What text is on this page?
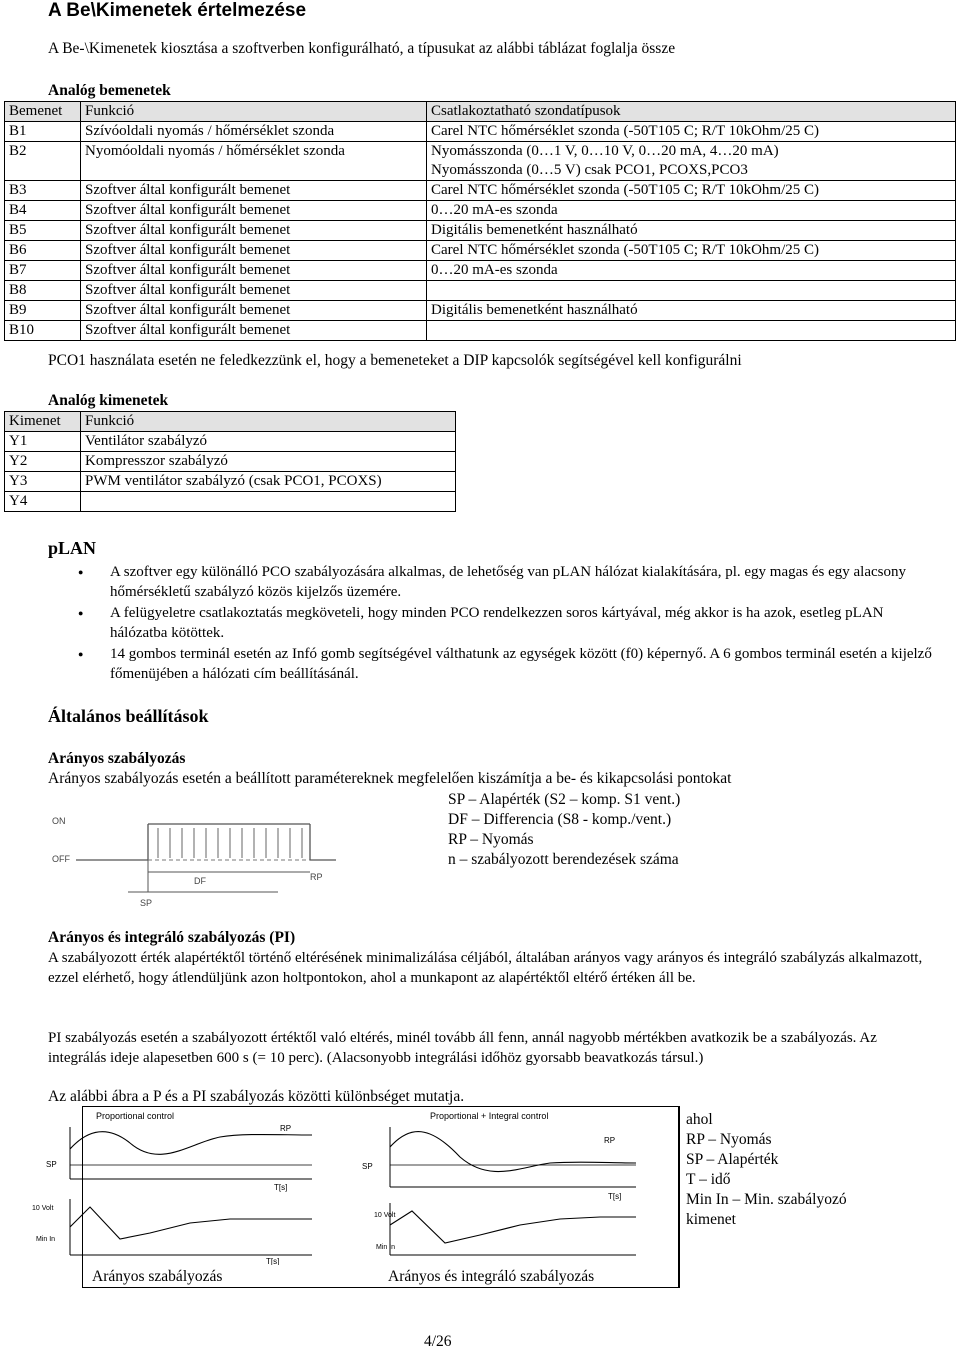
A Be\Kimenetek értelmezése
A Be-\Kimenetek kiosztása a szoftverben konfigurálható, a típusukat az alábbi táblázat foglalja össze
Analóg bemenetek
Bemenet	Funkció	Csatlakoztatható szondatípusok
B1	Szívóoldali nyomás / hőmérséklet szonda	Carel NTC hőmérséklet szonda (-50T105 C; R/T 10kOhm/25 C)
B2	Nyomóoldali nyomás / hőmérséklet szonda	Nyomásszonda (0…1 V, 0…10 V, 0…20 mA, 4…20 mA)
		Nyomásszonda (0…5 V) csak PCO1, PCOXS,PCO3
B3	Szoftver által konfigurált bemenet	Carel NTC hőmérséklet szonda (-50T105 C; R/T 10kOhm/25 C)
B4	Szoftver által konfigurált bemenet	0…20 mA-es szonda
B5	Szoftver által konfigurált bemenet	Digitális bemenetként használható
B6	Szoftver által konfigurált bemenet	Carel NTC hőmérséklet szonda (-50T105 C; R/T 10kOhm/25 C)
B7	Szoftver által konfigurált bemenet	0…20 mA-es szonda
B8	Szoftver által konfigurált bemenet	
B9	Szoftver által konfigurált bemenet	Digitális bemenetként használható
B10	Szoftver által konfigurált bemenet	
PCO1 használata esetén ne feledkezzünk el, hogy a bemeneteket a DIP kapcsolók segítségével kell konfigurálni
Analóg kimenetek
Kimenet	Funkció
Y1	Ventilátor szabályzó
Y2	Kompresszor szabályzó
Y3	PWM ventilátor szabályzó (csak PCO1, PCOXS)
Y4	
pLAN
● A szoftver egy különálló PCO szabályozására alkalmas, de lehetőség van pLAN hálózat kialakítására, pl. egy magas és egy alacsony hőmérsékletű szabályzó közös kijelzős üzemére.
● A felügyeletre csatlakoztatás megköveteli, hogy minden PCO rendelkezzen soros kártyával, még akkor is ha azok, esetleg pLAN hálózatba kötöttek.
● 14 gombos terminál esetén az Infó gomb segítségével válthatunk az egységek között (f0) képernyő. A 6 gombos terminál esetén a kijelző főmenüjében a hálózati cím beállításánál.
Általános beállítások
Arányos szabályozás
Arányos szabályozás esetén a beállított paramétereknek megfelelően kiszámítja a be- és kikapcsolási pontokat
SP – Alapérték (S2 – komp. S1 vent.)
DF – Differencia (S8 - komp./vent.)
RP – Nyomás
n – szabályozott berendezések száma
ON
OFF
DF	RP
SP
Arányos és integráló szabályozás (PI)
A szabályozott érték alapértéktől történő eltérésének minimalizálása céljából, általában arányos vagy arányos és integráló szabályzás alkalmazott, ezzel elérhető, hogy átlendüljünk azon holtpontokon, ahol a munkapont az alapértéktől eltérő értéken áll be.
PI szabályozás esetén a szabályozott értéktől való eltérés, minél tovább áll fenn, annál nagyobb mértékben avatkozik be a szabályozás. Az integrálás ideje alapesetben 600 s (= 10 perc). (Alacsonyobb integrálási időhöz gyorsabb beavatkozás társul.)
Az alábbi ábra a P és a PI szabályozás közötti különbséget mutatja.
Proportional control
SP
RP
T[s]
10 Volt
Min In
T[s]
Arányos szabályozás
Proportional + Integral control
SP
RP
T[s]
10 Volt
Min In
Arányos és integráló szabályozás
ahol
RP – Nyomás
SP – Alapérték
T – idő
Min In – Min. szabályozó
kimenet
4/26
